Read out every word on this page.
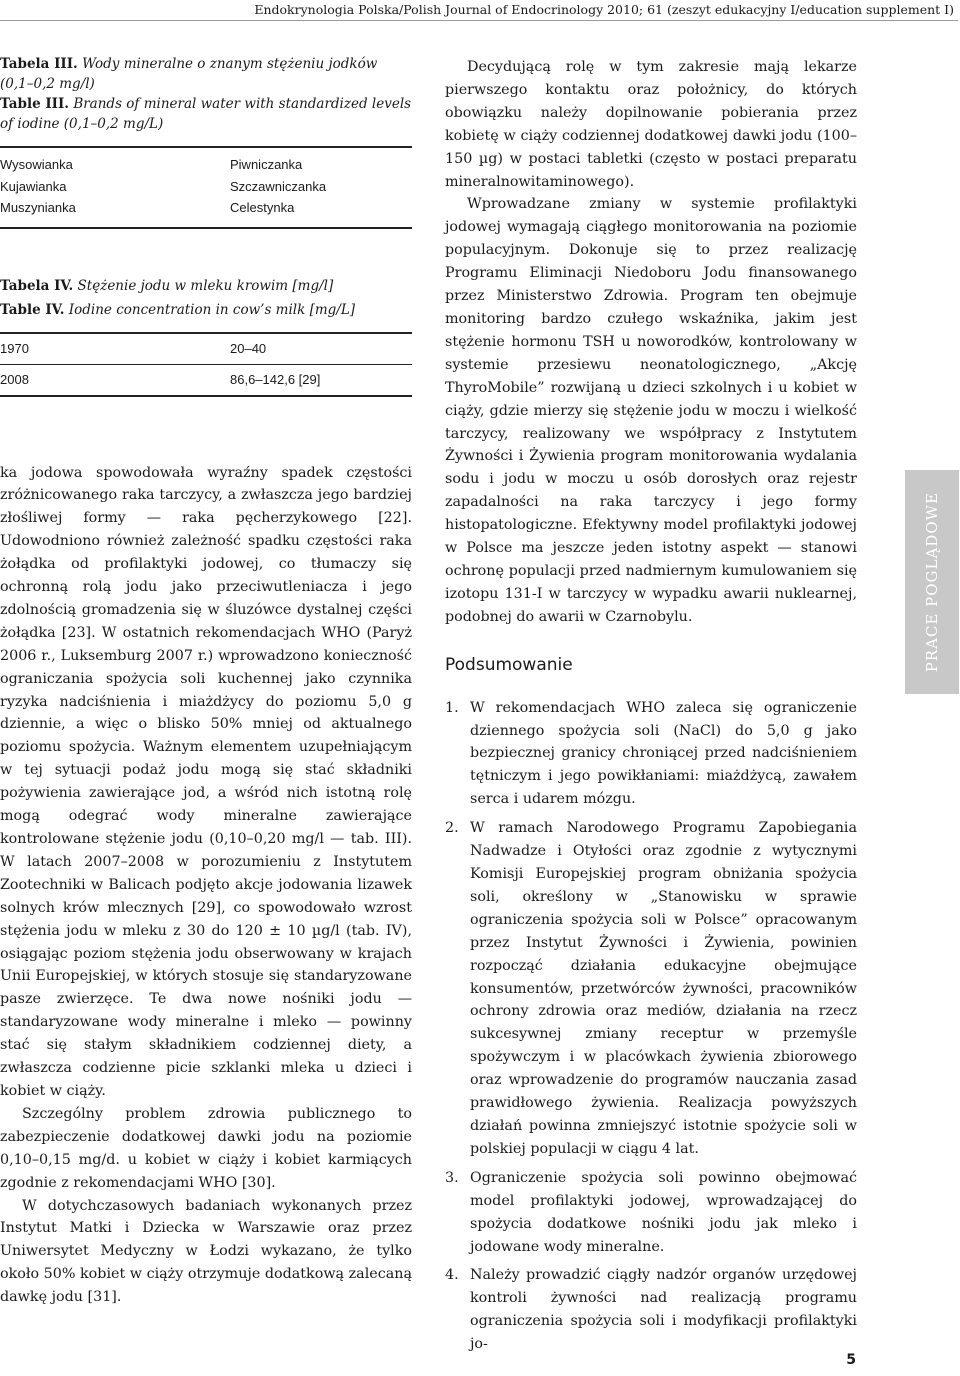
Endokrynologia Polska/Polish Journal of Endocrinology 2010; 61 (zeszyt edukacyjny I/education supplement I)
Tabela III. Wody mineralne o znanym stężeniu jodków (0,1–0,2 mg/l)
Table III. Brands of mineral water with standardized levels of iodine (0,1–0,2 mg/L)
Wysowianka	Piwniczanka
Kujawianka	Szczawniczanka
Muszynianka	Celestynka
Tabela IV. Stężenie jodu w mleku krowim [mg/l]
Table IV. Iodine concentration in cow’s milk [mg/L]
1970	20–40
2008	86,6–142,6 [29]

ka jodowa spowodowała wyraźny spadek częstości zróżnicowanego raka tarczycy, a zwłaszcza jego bardziej złośliwej formy — raka pęcherzykowego [22]. Udowodniono również zależność spadku częstości raka żołądka od profilaktyki jodowej, co tłumaczy się ochronną rolą jodu jako przeciwutleniacza i jego zdolnością gromadzenia się w śluzówce dystalnej części żołądka [23]. W ostatnich rekomendacjach WHO (Paryż 2006 r., Luksemburg 2007 r.) wprowadzono konieczność ograniczania spożycia soli kuchennej jako czynnika ryzyka nadciśnienia i miażdżycy do poziomu 5,0 g dziennie, a więc o blisko 50% mniej od aktualnego poziomu spożycia. Ważnym elementem uzupełniającym w tej sytuacji podaż jodu mogą się stać składniki pożywienia zawierające jod, a wśród nich istotną rolę mogą odegrać wody mineralne zawierające kontrolowane stężenie jodu (0,10–0,20 mg/l — tab. III). W latach 2007–2008 w porozumieniu z Instytutem Zootechniki w Balicach podjęto akcje jodowania lizawek solnych krów mlecznych [29], co spowodowało wzrost stężenia jodu w mleku z 30 do 120 ± 10 µg/l (tab. IV), osiągając poziom stężenia jodu obserwowany w krajach Unii Europejskiej, w których stosuje się standaryzowane pasze zwierzęce. Te dwa nowe nośniki jodu — standaryzowane wody mineralne i mleko — powinny stać się stałym składnikiem codziennej diety, a zwłaszcza codzienne picie szklanki mleka u dzieci i kobiet w ciąży.

Szczególny problem zdrowia publicznego to zabezpieczenie dodatkowej dawki jodu na poziomie 0,10–0,15 mg/d. u kobiet w ciąży i kobiet karmiących zgodnie z rekomendacjami WHO [30].

W dotychczasowych badaniach wykonanych przez Instytut Matki i Dziecka w Warszawie oraz przez Uniwersytet Medyczny w Łodzi wykazano, że tylko około 50% kobiet w ciąży otrzymuje dodatkową zalecaną dawkę jodu [31].

Decydującą rolę w tym zakresie mają lekarze pierwszego kontaktu oraz położnicy, do których obowiązku należy dopilnowanie pobierania przez kobietę w ciąży codziennej dodatkowej dawki jodu (100–150 µg) w postaci tabletki (często w postaci preparatu mineralnowitaminowego).

Wprowadzane zmiany w systemie profilaktyki jodowej wymagają ciągłego monitorowania na poziomie populacyjnym. Dokonuje się to przez realizację Programu Eliminacji Niedoboru Jodu finansowanego przez Ministerstwo Zdrowia. Program ten obejmuje monitoring bardzo czułego wskaźnika, jakim jest stężenie hormonu TSH u noworodków, kontrolowany w systemie przesiewu neonatologicznego, „Akcję ThyroMobile” rozwijaną u dzieci szkolnych i u kobiet w ciąży, gdzie mierzy się stężenie jodu w moczu i wielkość tarczycy, realizowany we współpracy z Instytutem Żywności i Żywienia program monitorowania wydalania sodu i jodu w moczu u osób dorosłych oraz rejestr zapadalności na raka tarczycy i jego formy histopatologiczne. Efektywny model profilaktyki jodowej w Polsce ma jeszcze jeden istotny aspekt — stanowi ochronę populacji przed nadmiernym kumulowaniem się izotopu 131-I w tarczycy w wypadku awarii nuklearnej, podobnej do awarii w Czarnobylu.

Podsumowanie
1. W rekomendacjach WHO zaleca się ograniczenie dziennego spożycia soli (NaCl) do 5,0 g jako bezpiecznej granicy chroniącej przed nadciśnieniem tętniczym i jego powikłaniami: miażdżycą, zawałem serca i udarem mózgu.
2. W ramach Narodowego Programu Zapobiegania Nadwadze i Otyłości oraz zgodnie z wytycznymi Komisji Europejskiej program obniżania spożycia soli, określony w „Stanowisku w sprawie ograniczenia spożycia soli w Polsce” opracowanym przez Instytut Żywności i Żywienia, powinien rozpocząć działania edukacyjne obejmujące konsumentów, przetwórców żywności, pracowników ochrony zdrowia oraz mediów, działania na rzecz sukcesywnej zmiany receptur w przemyśle spożywczym i w placówkach żywienia zbiorowego oraz wprowadzenie do programów nauczania zasad prawidłowego żywienia. Realizacja powyższych działań powinna zmniejszyć istotnie spożycie soli w polskiej populacji w ciągu 4 lat.
3. Ograniczenie spożycia soli powinno obejmować model profilaktyki jodowej, wprowadzającej do spożycia dodatkowe nośniki jodu jak mleko i jodowane wody mineralne.
4. Należy prowadzić ciągły nadzór organów urzędowej kontroli żywności nad realizacją programu ograniczenia spożycia soli i modyfikacji profilaktyki jo-
PRACE POGLĄDOWE
5
